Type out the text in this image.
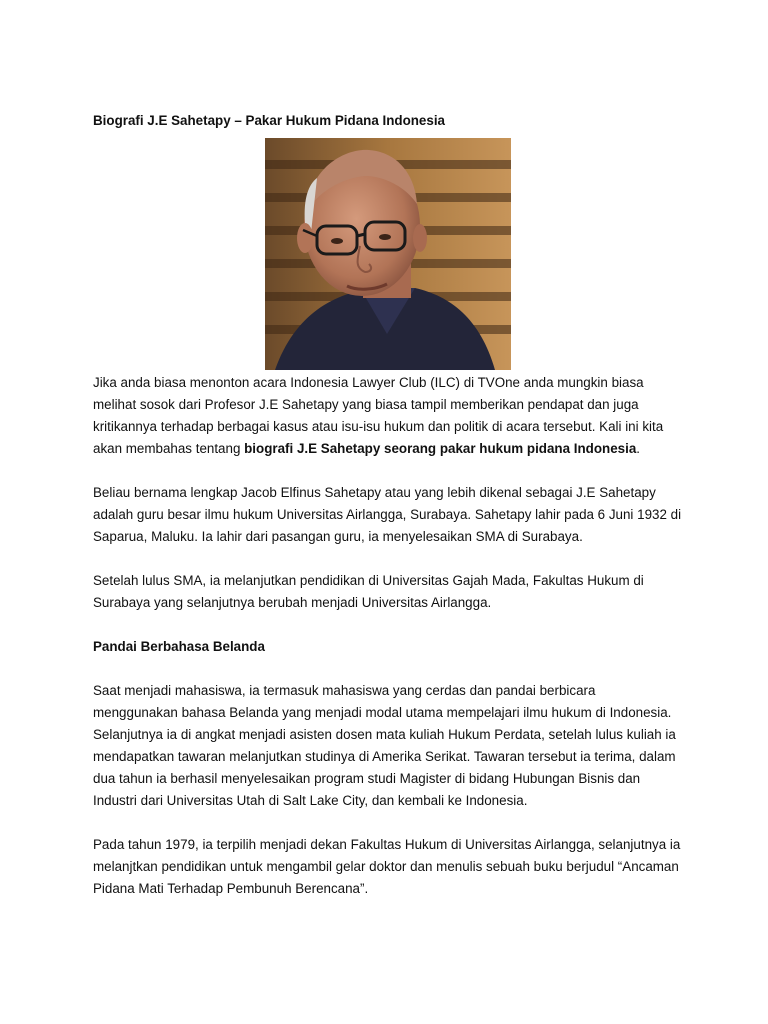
Biografi J.E Sahetapy – Pakar Hukum Pidana Indonesia

Jika anda biasa menonton acara Indonesia Lawyer Club (ILC) di TVOne anda mungkin biasa melihat sosok dari Profesor J.E Sahetapy yang biasa tampil memberikan pendapat dan juga kritikannya terhadap berbagai kasus atau isu-isu hukum dan politik di acara tersebut. Kali ini kita akan membahas tentang biografi J.E Sahetapy seorang pakar hukum pidana Indonesia.

Beliau bernama lengkap Jacob Elfinus Sahetapy atau yang lebih dikenal sebagai J.E Sahetapy adalah guru besar ilmu hukum Universitas Airlangga, Surabaya. Sahetapy lahir pada 6 Juni 1932 di Saparua, Maluku. Ia lahir dari pasangan guru, ia menyelesaikan SMA di Surabaya.

Setelah lulus SMA, ia melanjutkan pendidikan di Universitas Gajah Mada, Fakultas Hukum di Surabaya yang selanjutnya berubah menjadi Universitas Airlangga.

Pandai Berbahasa Belanda

Saat menjadi mahasiswa, ia termasuk mahasiswa yang cerdas dan pandai berbicara menggunakan bahasa Belanda yang menjadi modal utama mempelajari ilmu hukum di Indonesia. Selanjutnya ia di angkat menjadi asisten dosen mata kuliah Hukum Perdata, setelah lulus kuliah ia mendapatkan tawaran melanjutkan studinya di Amerika Serikat. Tawaran tersebut ia terima, dalam dua tahun ia berhasil menyelesaikan program studi Magister di bidang Hubungan Bisnis dan Industri dari Universitas Utah di Salt Lake City, dan kembali ke Indonesia.

Pada tahun 1979, ia terpilih menjadi dekan Fakultas Hukum di Universitas Airlangga, selanjutnya ia melanjtkan pendidikan untuk mengambil gelar doktor dan menulis sebuah buku berjudul “Ancaman Pidana Mati Terhadap Pembunuh Berencana”.
